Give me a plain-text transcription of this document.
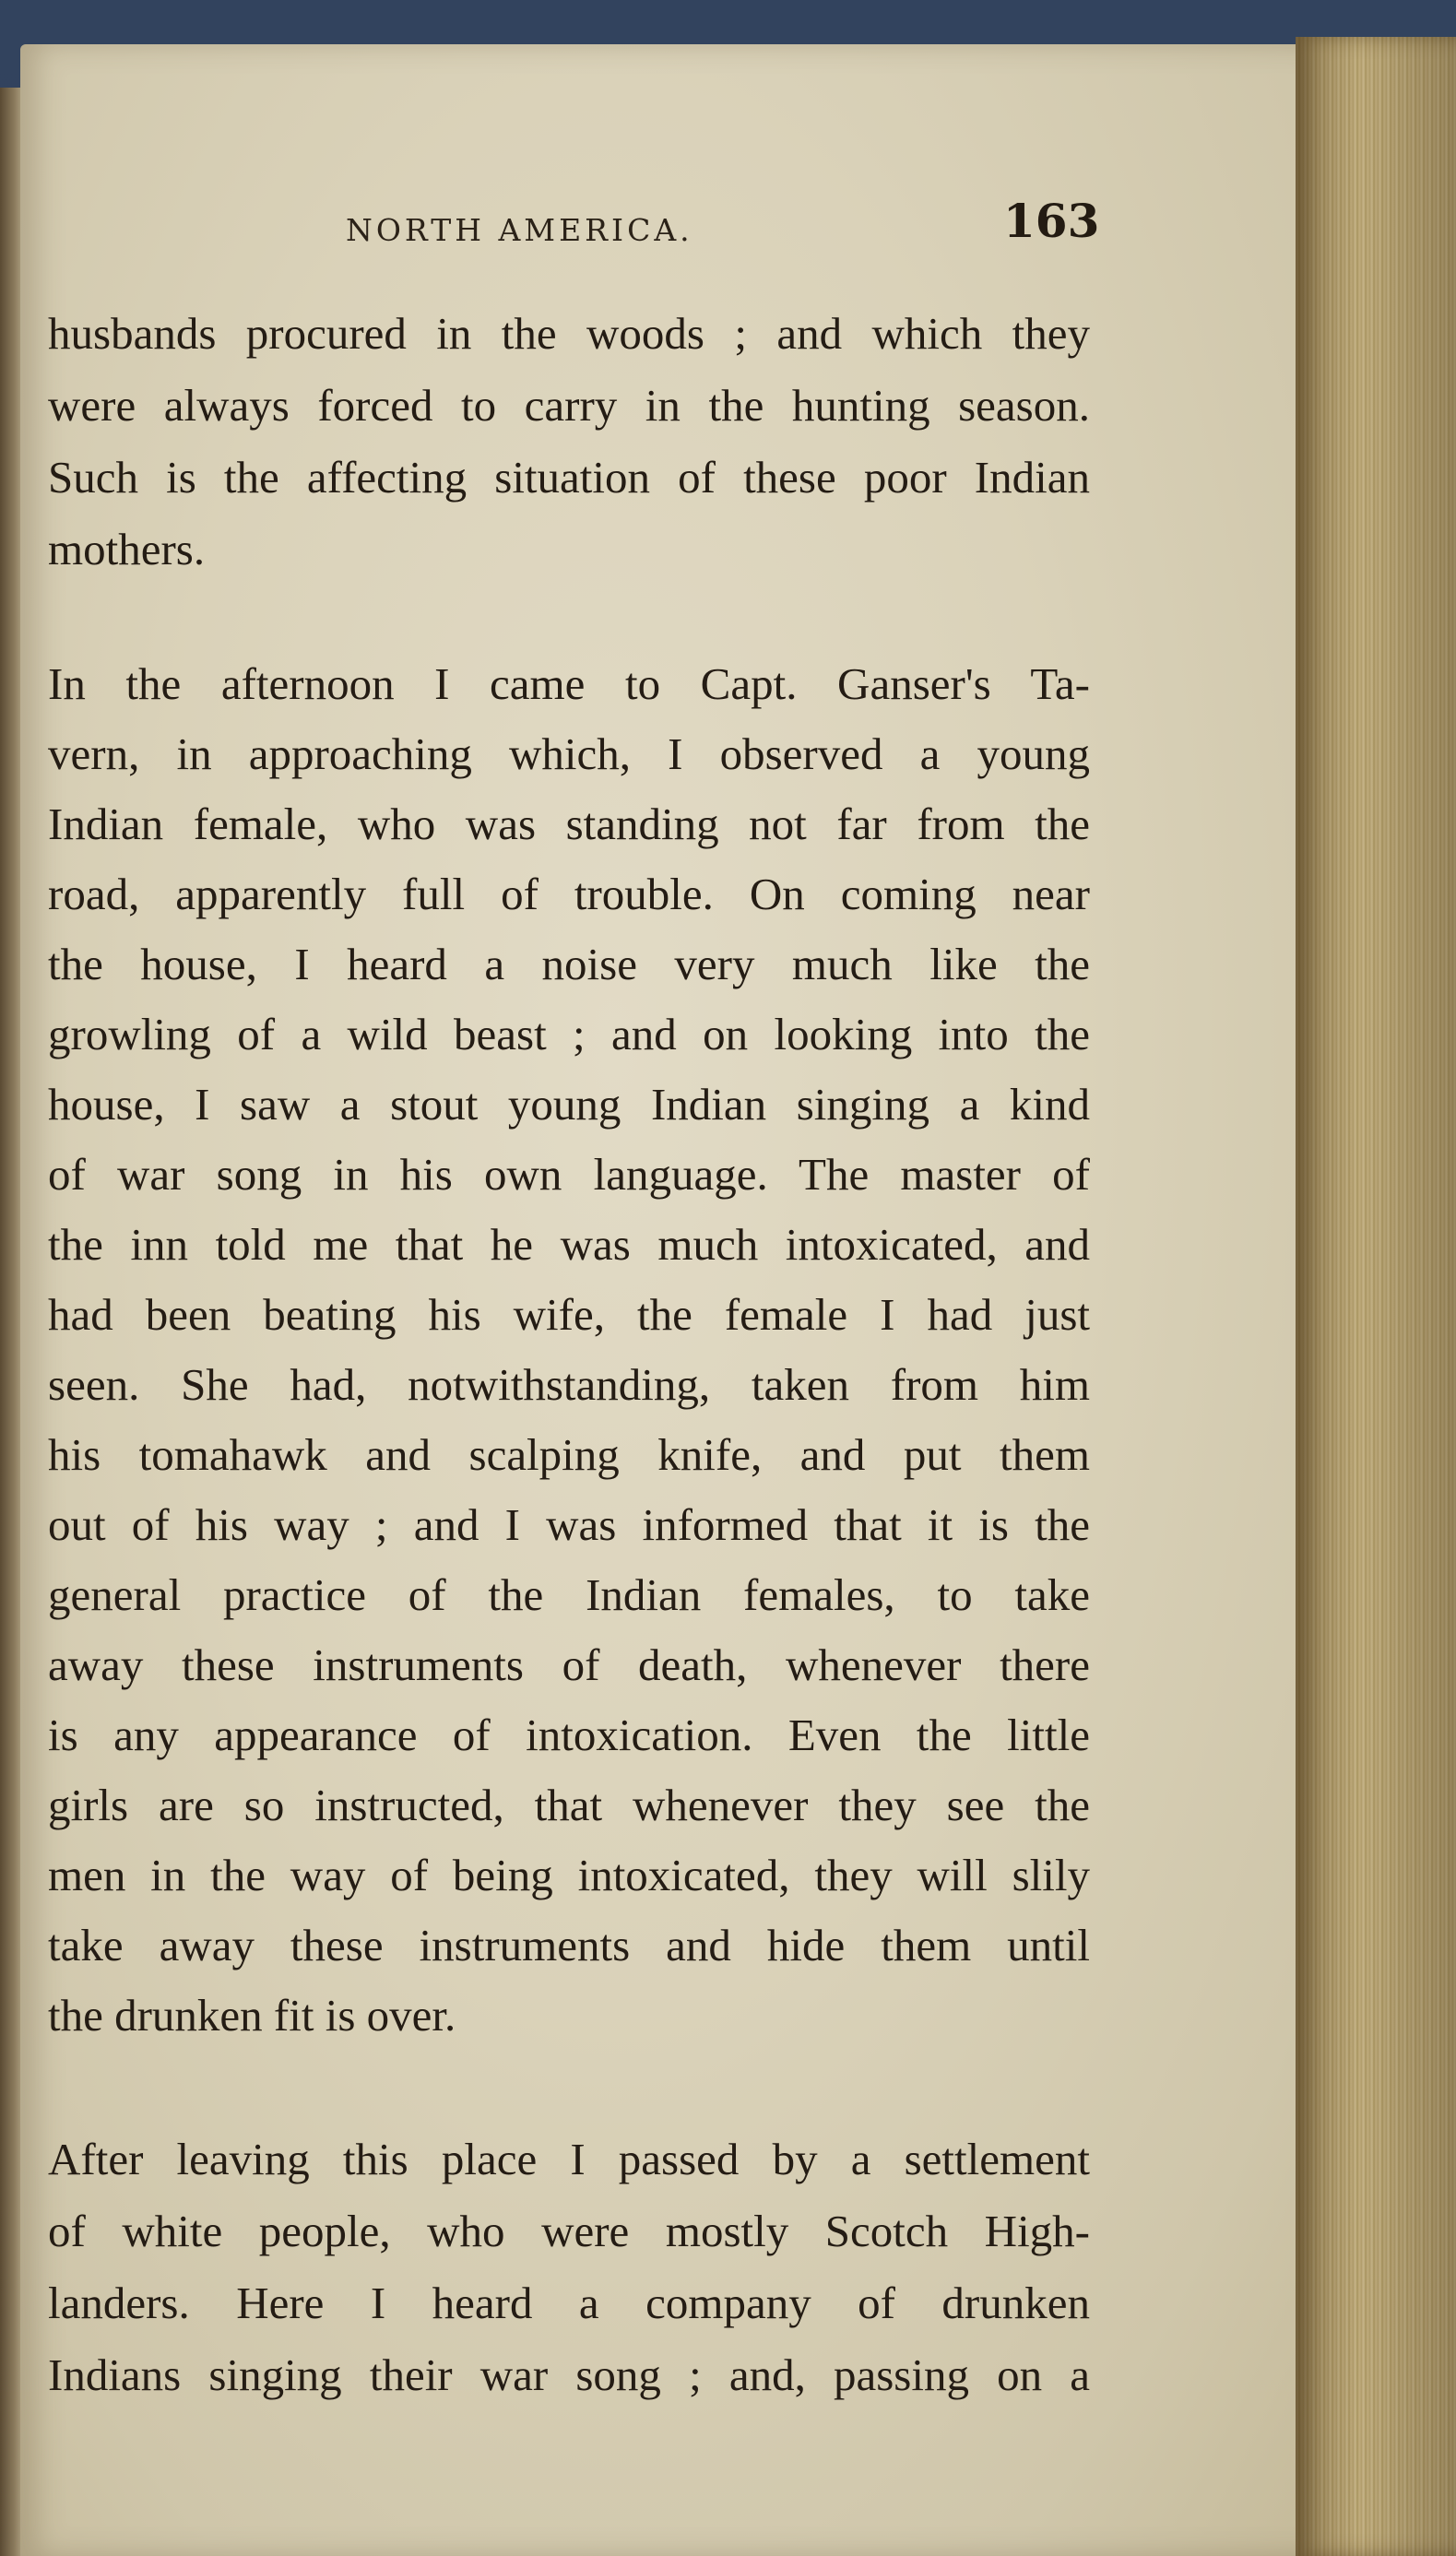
NORTH AMERICA.	163
husbands procured in the woods ; and which they
were always forced to carry in the hunting season.
Such is the affecting situation of these poor Indian
mothers.
In the afternoon I came to Capt. Ganser's Ta-
vern, in approaching which, I observed a young
Indian female, who was standing not far from the
road, apparently full of trouble. On coming near
the house, I heard a noise very much like the
growling of a wild beast ; and on looking into the
house, I saw a stout young Indian singing a kind
of war song in his own language. The master of
the inn told me that he was much intoxicated, and
had been beating his wife, the female I had just
seen. She had, notwithstanding, taken from him
his tomahawk and scalping knife, and put them
out of his way ; and I was informed that it is the
general practice of the Indian females, to take
away these instruments of death, whenever there
is any appearance of intoxication. Even the little
girls are so instructed, that whenever they see the
men in the way of being intoxicated, they will slily
take away these instruments and hide them until
the drunken fit is over.
After leaving this place I passed by a settlement
of white people, who were mostly Scotch High-
landers. Here I heard a company of drunken
Indians singing their war song ; and, passing on a
